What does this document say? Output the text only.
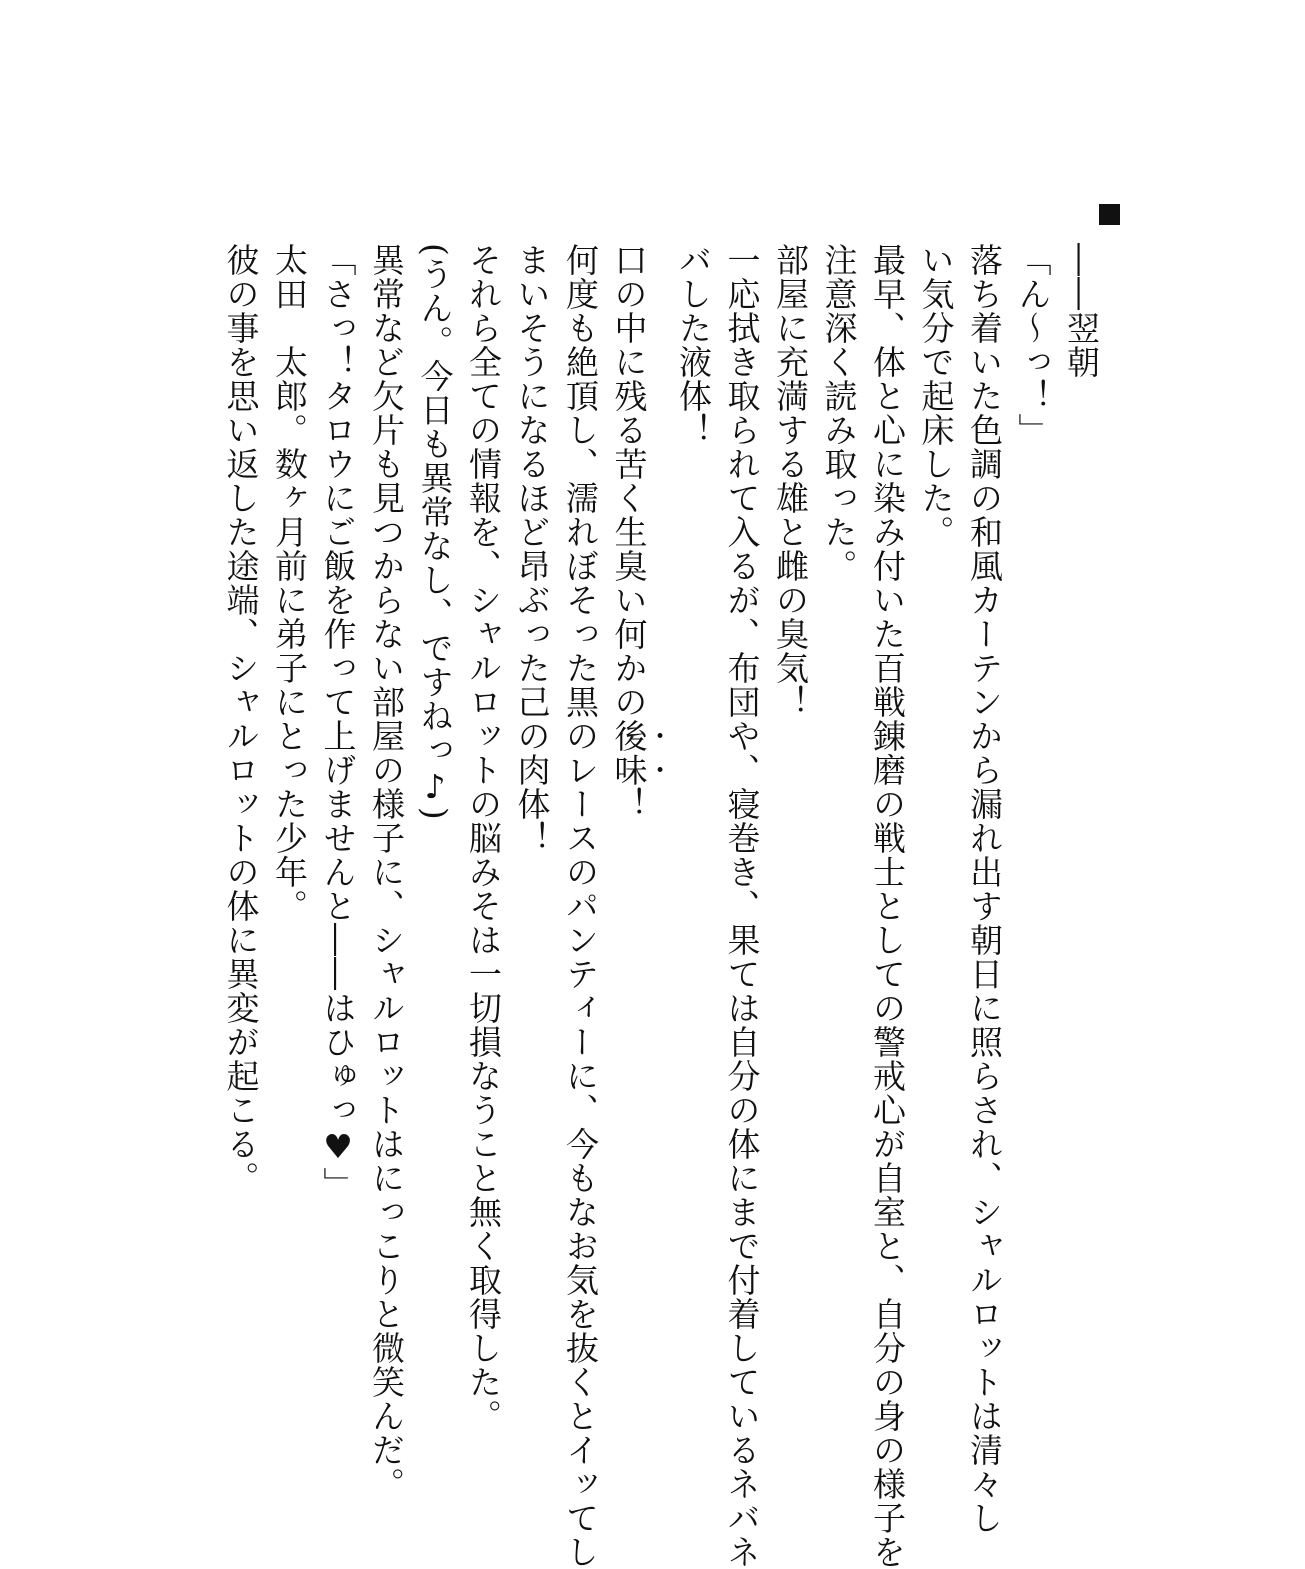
――翌朝
「ん～っ！」
落ち着いた色調の和風カーテンから漏れ出す朝日に照らされ、シャルロットは清々し
い気分で起床した。
最早、体と心に染み付いた百戦錬磨の戦士としての警戒心が自室と、自分の身の様子を
注意深く読み取った。
部屋に充満する雄と雌の臭気！
一応拭き取られて入るが、布団や、寝巻き、果ては自分の体にまで付着しているネバネ
バした液体！
口の中に残る苦く生臭い何かの後味！
何度も絶頂し、濡れぼそった黒のレースのパンティーに、今もなお気を抜くとイッてし
まいそうになるほど昂ぶった己の肉体！
それら全ての情報を、シャルロットの脳みそは一切損なうこと無く取得した。
(うん。今日も異常なし、ですねっ♪)
異常など欠片も見つからない部屋の様子に、シャルロットはにっこりと微笑んだ。
「さっ！タロウにご飯を作って上げませんと――はひゅっ♥」
太田　太郎。数ヶ月前に弟子にとった少年。
彼の事を思い返した途端、シャルロットの体に異変が起こる。
